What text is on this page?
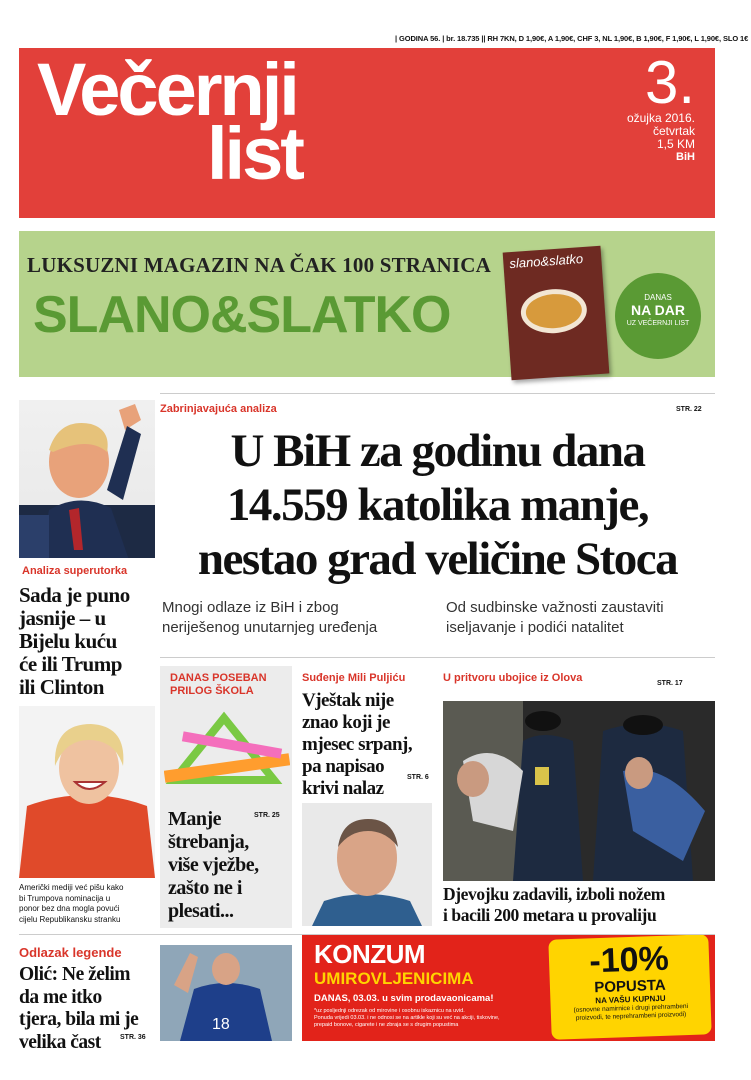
| GODINA 56. | br. 18.735 || RH 7KN, D 1,90€, A 1,90€, CHF 3, NL 1,90€, B 1,90€, F 1,90€, L 1,90€, SLO 1€
Večernji
list
3.
ožujka 2016.
četvrtak
1,5 KM
BiH
LUKSUZNI MAGAZIN NA ČAK 100 STRANICA
SLANO&SLATKO
slano&slatko
DANAS
NA DAR
UZ VEČERNJI LIST
Zabrinjavajuća analiza	STR. 22
U BiH za godinu dana
14.559 katolika manje,
nestao grad veličine Stoca
Mnogi odlaze iz BiH i zbog
neriješenog unutarnjeg uređenja
Od sudbinske važnosti zaustaviti
iseljavanje i podići natalitet
Analiza superutorka
Sada je puno
jasnije – u
Bijelu kuću
će ili Trump
ili Clinton
Američki mediji već pišu kako
bi Trumpova nominacija u
ponor bez dna mogla povući
cijelu Republikansku stranku
DANAS POSEBAN
PRILOG ŠKOLA
STR. 25
Manje
štrebanja,
više vježbe,
zašto ne i
plesati...
Suđenje Mili Puljiću
Vještak nije
znao koji je
mjesec srpanj,
pa napisao
krivi nalaz
STR. 6
U pritvoru ubojice iz Olova	STR. 17
Djevojku zadavili, izboli nožem
i bacili 200 metara u provaliju
Odlazak legende
Olić: Ne želim
da me itko
tjera, bila mi je
velika čast	STR. 36
18
KONZUM
UMIROVLJENICIMA
DANAS, 03.03. u svim prodavaonicama!
*uz posljednji odrezak od mirovine i osobnu iskaznicu na uvid.
Ponuda vrijedi 03.03. i ne odnosi se na artikle koji su već na akciji, tiskovine,
prepaid bonove, cigarete i ne zbraja se s drugim popustima
-10%
POPUSTA
NA VAŠU KUPNJU
(osnovne namirnice i drugi prehrambeni
proizvodi, te neprehrambeni proizvodi)
